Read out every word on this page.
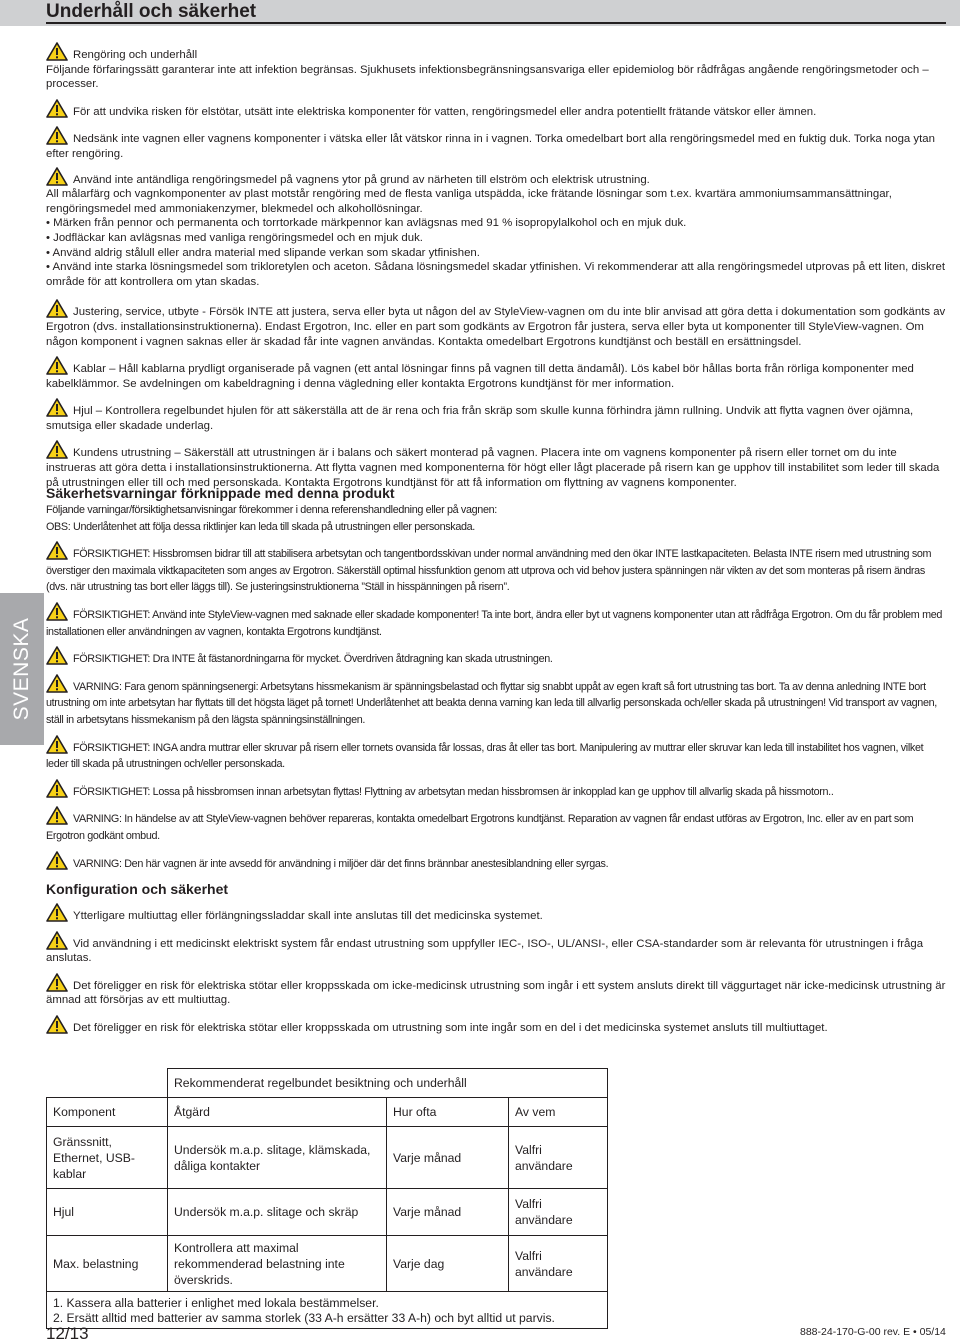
Underhåll och säkerhet
SVENSKA

Rengöring och underhåll

Följande förfaringssätt garanterar inte att infektion begränsas. Sjukhusets infektionsbegränsningsansvariga eller epidemiolog bör rådfrågas angående rengöringsmetoder och –processer.

För att undvika risken för elstötar, utsätt inte elektriska komponenter för vatten, rengöringsmedel eller andra potentiellt frätande vätskor eller ämnen.

Nedsänk inte vagnen eller vagnens komponenter i vätska eller låt vätskor rinna in i vagnen. Torka omedelbart bort alla rengöringsmedel med en fuktig duk. Torka noga ytan efter rengöring.

Använd inte antändliga rengöringsmedel på vagnens ytor på grund av närheten till elström och elektrisk utrustning.

All målarfärg och vagnkomponenter av plast motstår rengöring med de flesta vanliga utspädda, icke frätande lösningar som t.ex. kvartära ammoniumsammansättningar, rengöringsmedel med ammoniakenzymer, blekmedel och alkohollösningar.

• Märken från pennor och permanenta och torrtorkade märkpennor kan avlägsnas med 91 % isopropylalkohol och en mjuk duk.

• Jodfläckar kan avlägsnas med vanliga rengöringsmedel och en mjuk duk.

• Använd aldrig stålull eller andra material med slipande verkan som skadar ytfinishen.

• Använd inte starka lösningsmedel som trikloretylen och aceton. Sådana lösningsmedel skadar ytfinishen. Vi rekommenderar att alla rengöringsmedel utprovas på ett liten, diskret område för att kontrollera om ytan skadas.

Justering, service, utbyte - Försök INTE att justera, serva eller byta ut någon del av StyleView-vagnen om du inte blir anvisad att göra detta i dokumentation som godkänts av Ergotron (dvs. installationsinstruktionerna). Endast Ergotron, Inc. eller en part som godkänts av Ergotron får justera, serva eller byta ut komponenter till StyleView-vagnen. Om någon komponent i vagnen saknas eller är skadad får inte vagnen användas. Kontakta omedelbart Ergotrons kundtjänst och beställ en ersättningsdel.

Kablar – Håll kablarna prydligt organiserade på vagnen (ett antal lösningar finns på vagnen till detta ändamål). Lös kabel bör hållas borta från rörliga komponenter med kabelklämmor. Se avdelningen om kabeldragning i denna vägledning eller kontakta Ergotrons kundtjänst för mer information.

Hjul – Kontrollera regelbundet hjulen för att säkerställa att de är rena och fria från skräp som skulle kunna förhindra jämn rullning. Undvik att flytta vagnen över ojämna, smutsiga eller skadade underlag.

Kundens utrustning – Säkerställ att utrustningen är i balans och säkert monterad på vagnen. Placera inte om vagnens komponenter på risern eller tornet om du inte instrueras att göra detta i installationsinstruktionerna. Att flytta vagnen med komponenterna för högt eller lågt placerade på risern kan ge upphov till instabilitet som leder till skada på utrustningen eller till och med personskada. Kontakta Ergotrons kundtjänst för att få information om flyttning av vagnens komponenter.

Säkerhetsvarningar förknippade med denna produkt

Följande varningar/försiktighetsanvisningar förekommer i denna referenshandledning eller på vagnen:

OBS: Underlåtenhet att följa dessa riktlinjer kan leda till skada på utrustningen eller personskada.

FÖRSIKTIGHET: Hissbromsen bidrar till att stabilisera arbetsytan och tangentbordsskivan under normal användning med den ökar INTE lastkapaciteten. Belasta INTE risern med utrustning som överstiger den maximala viktkapaciteten som anges av Ergotron. Säkerställ optimal hissfunktion genom att utprova och vid behov justera spänningen när vikten av det som monteras på risern ändras (dvs. när utrustning tas bort eller läggs till). Se justeringsinstruktionerna ”Ställ in hisspänningen på risern”.

FÖRSIKTIGHET: Använd inte StyleView-vagnen med saknade eller skadade komponenter! Ta inte bort, ändra eller byt ut vagnens komponenter utan att rådfråga Ergotron. Om du får problem med installationen eller användningen av vagnen, kontakta Ergotrons kundtjänst.

FÖRSIKTIGHET: Dra INTE åt fästanordningarna för mycket. Överdriven åtdragning kan skada utrustningen.

VARNING: Fara genom spänningsenergi: Arbetsytans hissmekanism är spänningsbelastad och flyttar sig snabbt uppåt av egen kraft så fort utrustning tas bort. Ta av denna anledning INTE bort utrustning om inte arbetsytan har flyttats till det högsta läget på tornet! Underlåtenhet att beakta denna varning kan leda till allvarlig personskada och/eller skada på utrustningen! Vid transport av vagnen, ställ in arbetsytans hissmekanism på den lägsta spänningsinställningen.

FÖRSIKTIGHET: INGA andra muttrar eller skruvar på risern eller tornets ovansida får lossas, dras åt eller tas bort. Manipulering av muttrar eller skruvar kan leda till instabilitet hos vagnen, vilket leder till skada på utrustningen och/eller personskada.

FÖRSIKTIGHET: Lossa på hissbromsen innan arbetsytan flyttas! Flyttning av arbetsytan medan hissbromsen är inkopplad kan ge upphov till allvarlig skada på hissmotorn..

VARNING: In händelse av att StyleView-vagnen behöver repareras, kontakta omedelbart Ergotrons kundtjänst. Reparation av vagnen får endast utföras av Ergotron, Inc. eller av en part som Ergotron godkänt ombud.

VARNING: Den här vagnen är inte avsedd för användning i miljöer där det finns brännbar anestesiblandning eller syrgas.

Konfiguration och säkerhet

Ytterligare multiuttag eller förlängningssladdar skall inte anslutas till det medicinska systemet.

Vid användning i ett medicinskt elektriskt system får endast utrustning som uppfyller IEC-, ISO-, UL/ANSI-, eller CSA-standarder som är relevanta för utrustningen i fråga anslutas.

Det föreligger en risk för elektriska stötar eller kroppsskada om icke-medicinsk utrustning som ingår i ett system ansluts direkt till väggurtaget när icke-medicinsk utrustning är ämnad att försörjas av ett multiuttag.

Det föreligger en risk för elektriska stötar eller kroppsskada om utrustning som inte ingår som en del i det medicinska systemet ansluts till multiuttaget.

	Rekommenderat regelbundet besiktning och underhåll		
Komponent	Åtgärd	Hur ofta	Av vem
Gränssnitt, Ethernet, USB-kablar	Undersök m.a.p. slitage, klämskada, dåliga kontakter	Varje månad	Valfri användare
Hjul	Undersök m.a.p. slitage och skräp	Varje månad	Valfri användare
Max. belastning	Kontrollera att maximal rekommenderad belastning inte överskrids.	Varje dag	Valfri användare

1. Kassera alla batterier i enlighet med lokala bestämmelser.
2. Ersätt alltid med batterier av samma storlek (33 A-h ersätter 33 A-h) och byt alltid ut parvis.			
12/13	888-24-170-G-00 rev. E • 05/14
